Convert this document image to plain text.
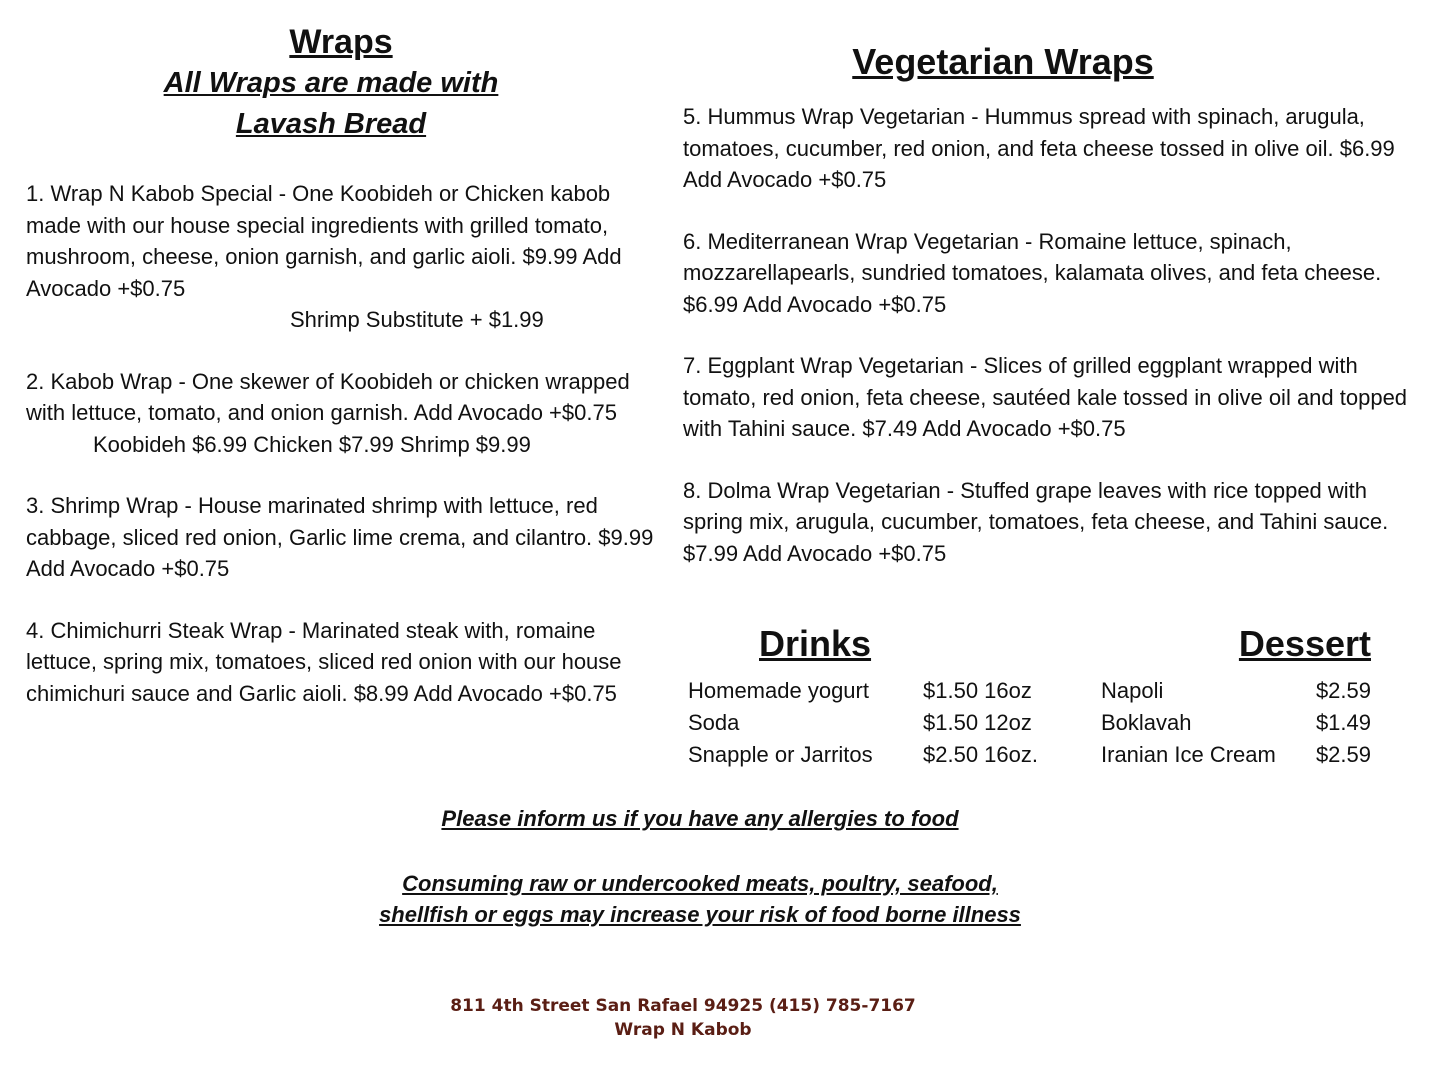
Wraps
All Wraps are made with Lavash Bread
1. Wrap N Kabob Special - One Koobideh or Chicken kabob made with our house special ingredients with grilled tomato, mushroom, cheese, onion garnish, and garlic aioli. $9.99 Add Avocado +$0.75
Shrimp Substitute + $1.99
2. Kabob Wrap - One skewer of Koobideh or chicken wrapped with lettuce, tomato, and onion garnish. Add Avocado +$0.75
Koobideh $6.99 Chicken $7.99 Shrimp $9.99
3. Shrimp Wrap - House marinated shrimp with lettuce, red cabbage, sliced red onion, Garlic lime crema, and cilantro. $9.99 Add Avocado +$0.75
4. Chimichurri Steak Wrap - Marinated steak with, romaine lettuce, spring mix, tomatoes, sliced red onion with our house chimichuri sauce and Garlic aioli. $8.99 Add Avocado +$0.75
Vegetarian Wraps

5. Hummus Wrap Vegetarian - Hummus spread with spinach, arugula, tomatoes, cucumber, red onion, and feta cheese tossed in olive oil. $6.99 Add Avocado +$0.75

6. Mediterranean Wrap Vegetarian - Romaine lettuce, spinach, mozzarellapearls, sundried tomatoes, kalamata olives, and feta cheese. $6.99 Add Avocado +$0.75

7. Eggplant Wrap Vegetarian - Slices of grilled eggplant wrapped with tomato, red onion, feta cheese, sautéed kale tossed in olive oil and topped with Tahini sauce. $7.49 Add Avocado +$0.75

8. Dolma Wrap Vegetarian - Stuffed grape leaves with rice topped with spring mix, arugula, cucumber, tomatoes, feta cheese, and Tahini sauce. $7.99 Add Avocado +$0.75

Drinks
Homemade yogurt	$1.50 16oz
Soda	$1.50 12oz
Snapple or Jarritos	$2.50 16oz.
Dessert
Napoli	$2.59
Boklavah	$1.49
Iranian Ice Cream	$2.59

Please inform us if you have any allergies to food

Consuming raw or undercooked meats, poultry, seafood,
shellfish or eggs may increase your risk of food borne illness
811 4th Street San Rafael 94925 (415) 785-7167
Wrap N Kabob
